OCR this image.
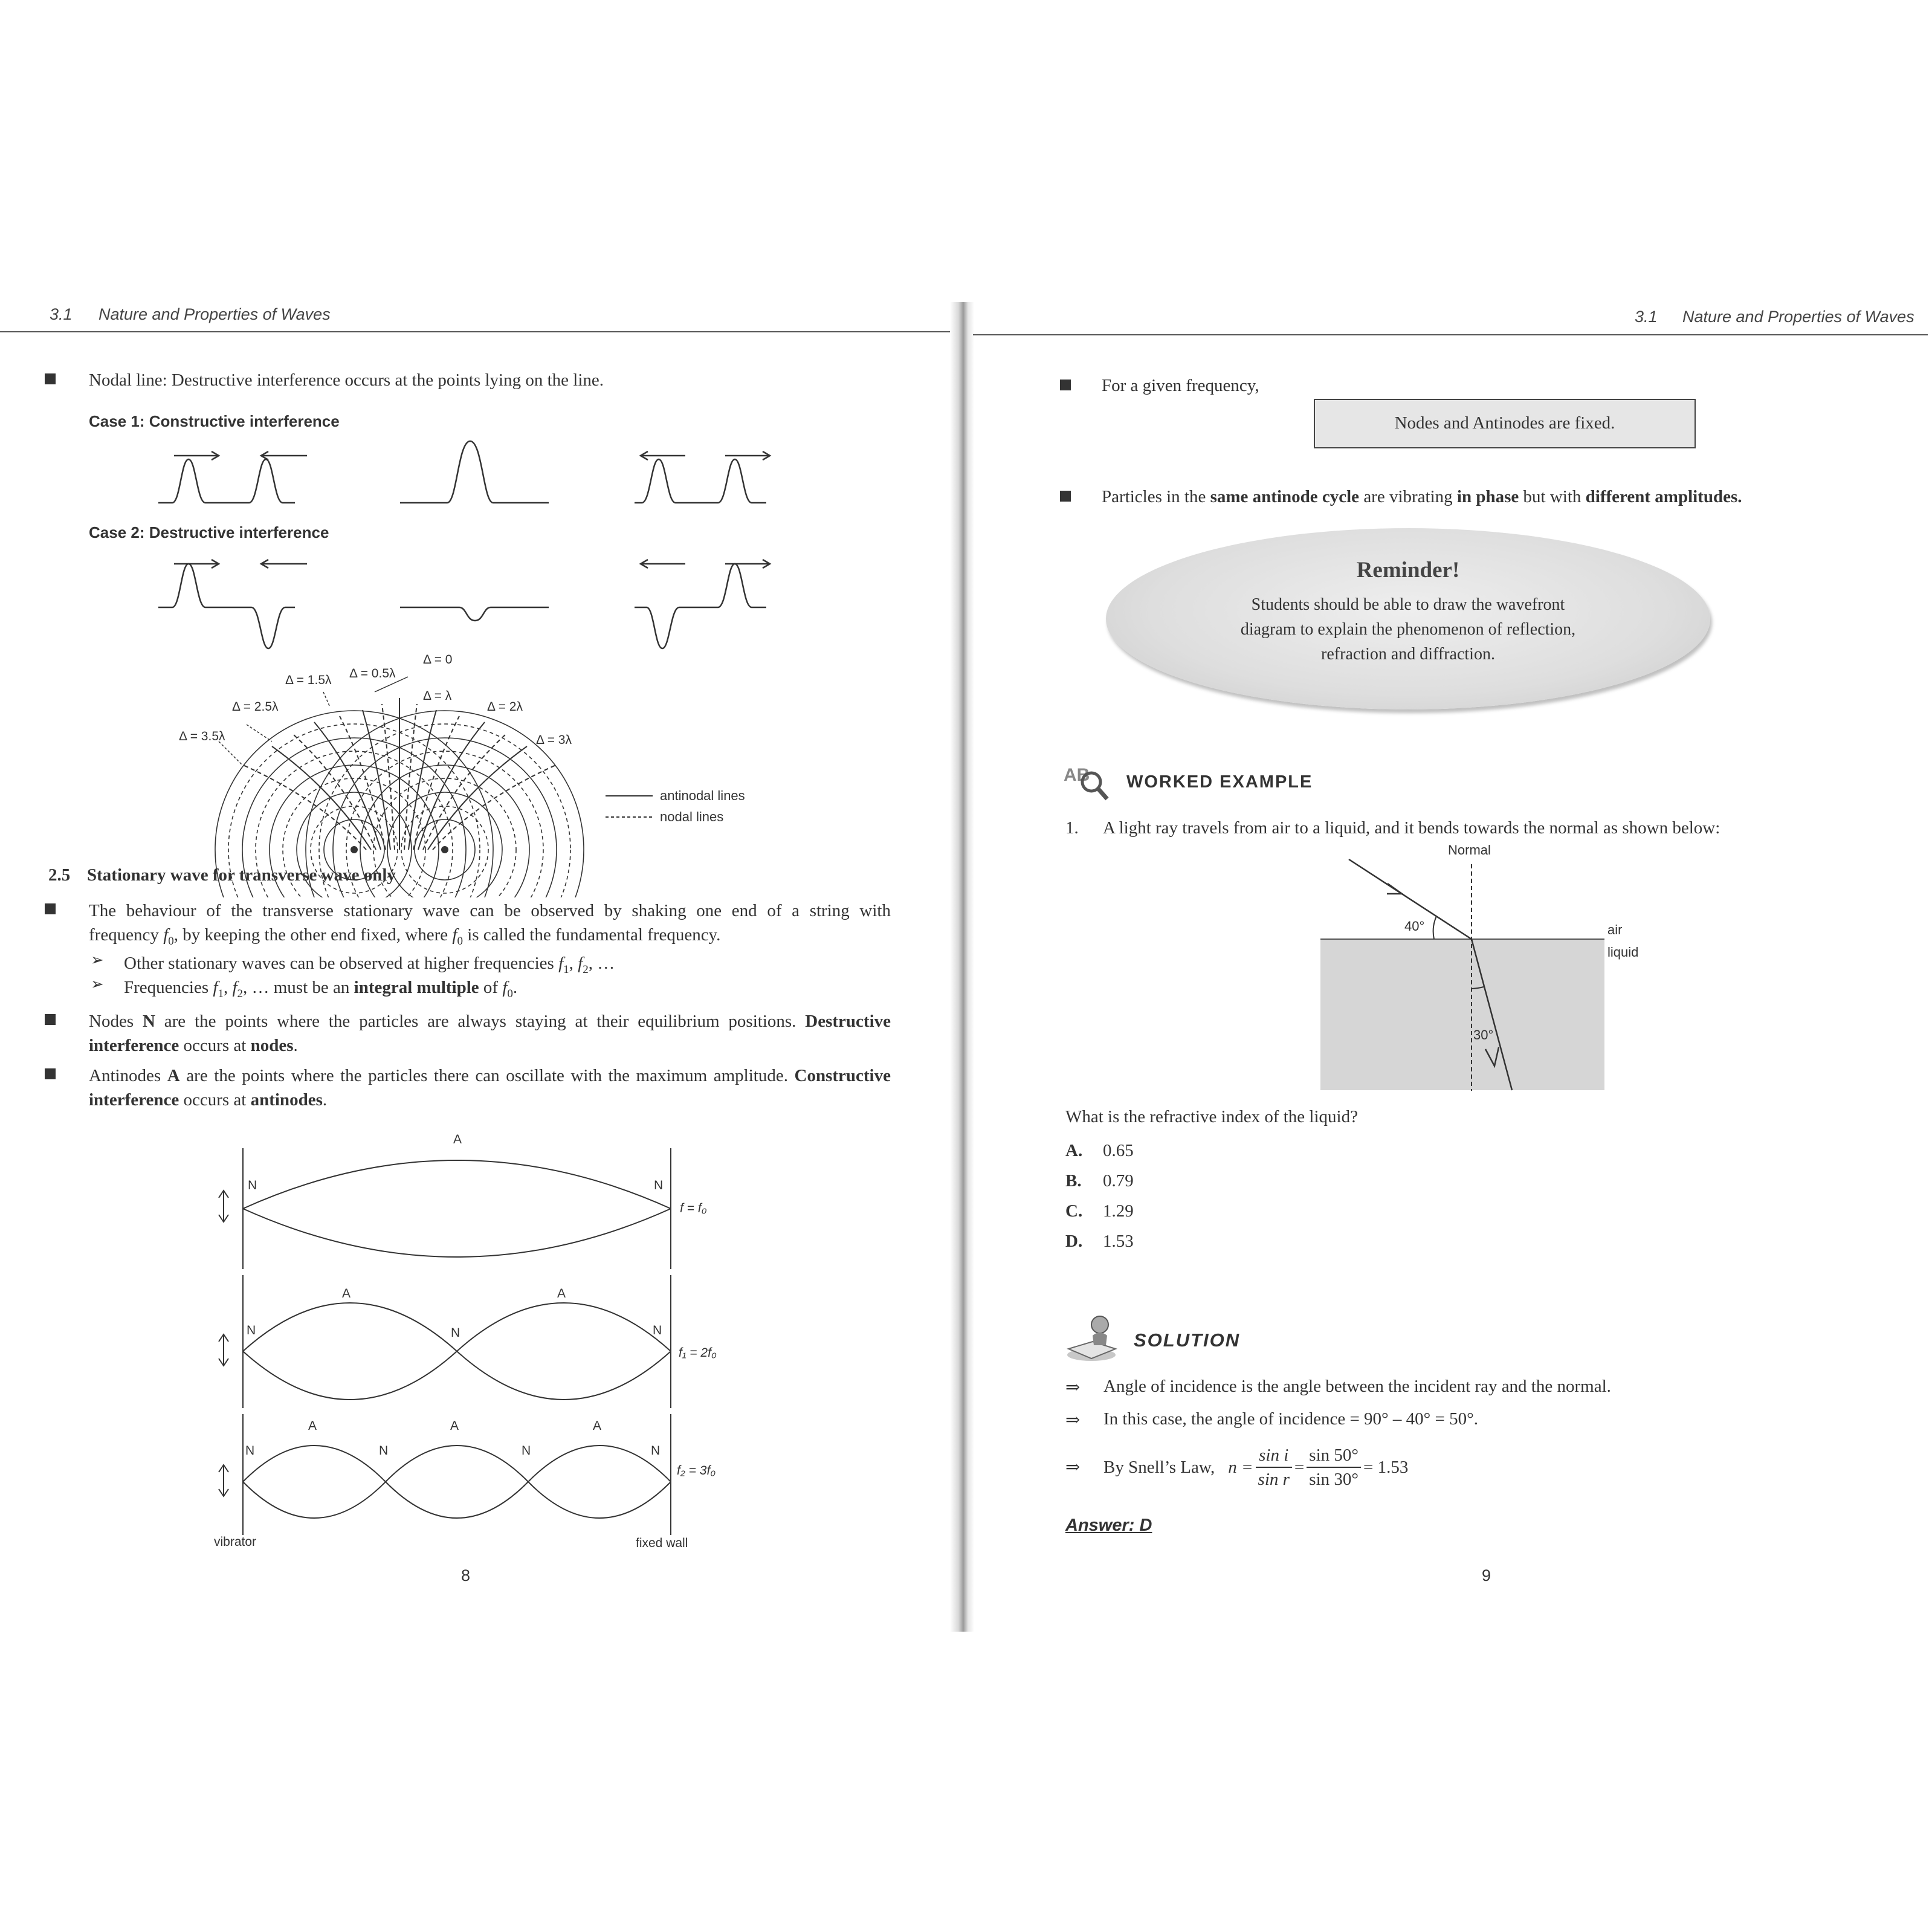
3.1 Nature and Properties of Waves
Nodal line: Destructive interference occurs at the points lying on the line.
Case 1: Constructive interference
Case 2: Destructive interference
Δ = 0
Δ = 0.5λ
Δ = 1.5λ
Δ = λ
Δ = 2.5λ	Δ = 2λ
Δ = 3.5λ	Δ = 3λ
antinodal lines
nodal lines
2.5 Stationary wave for transverse wave only
The behaviour of the transverse stationary wave can be observed by shaking one end of a string with
frequency $f_0$, by keeping the other end fixed, where $f_0$ is called the fundamental frequency.
➢ Other stationary waves can be observed at higher frequencies $f_1$, $f_2$, …
➢ Frequencies $f_1$, $f_2$, … must be an integral multiple of $f_0$.
Nodes N are the points where the particles are always staying at their equilibrium positions. Destructive interference occurs at nodes.
Antinodes A are the points where the particles there can oscillate with the maximum amplitude. Constructive interference occurs at antinodes.
A
N	N
f = f₀
A	A
N	N	N
f₁ = 2f₀
A	A	A
N	N	N	N
f₂ = 3f₀
vibrator	fixed wall
8
3.1 Nature and Properties of Waves
For a given frequency,
Nodes and Antinodes are fixed.
Particles in the same antinode cycle are vibrating in phase but with different amplitudes.
Reminder!
Students should be able to draw the wavefront
diagram to explain the phenomenon of reflection,
refraction and diffraction.
AB WORKED EXAMPLE
1. A light ray travels from air to a liquid, and it bends towards the normal as shown below:
Normal
40°
30°
air
liquid
What is the refractive index of the liquid?
A. 0.65
B. 0.79
C. 1.29
D. 1.53
SOLUTION
⇒ Angle of incidence is the angle between the incident ray and the normal.
⇒ In this case, the angle of incidence = 90° – 40° = 50°.
⇒ By Snell’s Law, $n = \frac{\text{sin i}}{\text{sin r}} = \frac{\sin 50^\circ}{\sin 30^\circ} = 1.53$
Answer: D
9
